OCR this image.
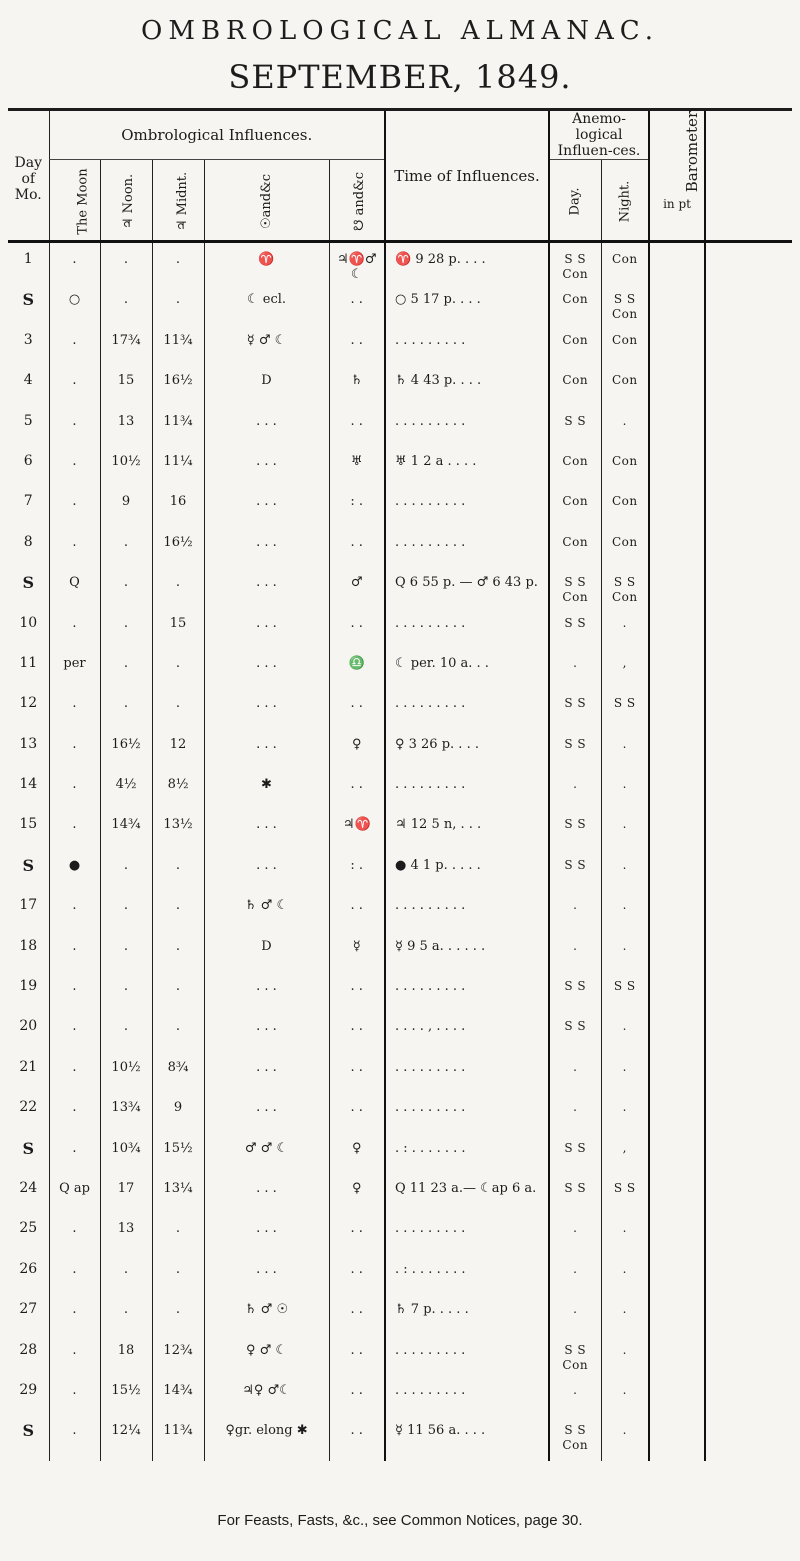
OMBROLOGICAL ALMANAC.
SEPTEMBER, 1849.
Day of Mo.	Ombrological Influences.					Time of Influences.	Anemo-logical Influen-ces.		Barometer.
in pt	

	The Moon	♃ Noon.	♃ Midnt.	☉and&c	☋ and&c		Day.	Night.		

1	.	.	.	♈	♃♈♂ ☾	♈ 9 28 p. . . .	S S Con	Con		
S	○	.	.	☾ ecl.	. .	○ 5 17 p. . . .	Con	S S Con		
3	.	17¾	11¾	☿ ♂ ☾	. .	. . . . . . . . .	Con	Con		
4	.	15	16½	D	♄	♄ 4 43 p. . . .	Con	Con		
5	.	13	11¾	. . .	. .	. . . . . . . . .	S S	.		
6	.	10½	11¼	. . .	♅	♅ 1 2 a . . . .	Con	Con		
7	.	9	16	. . .	: .	. . . . . . . . .	Con	Con		
8	.	.	16½	. . .	. .	. . . . . . . . .	Con	Con		
S	Q	.	.	. . .	♂	Q 6 55 p. — ♂ 6 43 p.	S S Con	S S Con		
10	.	.	15	. . .	. .	. . . . . . . . .	S S	.		
11	per	.	.	. . .	♎	☾ per. 10 a. . .	.	,		
12	.	.	.	. . .	. .	. . . . . . . . .	S S	S S		
13	.	16½	12	. . .	♀	♀ 3 26 p. . . .	S S	.		
14	.	4½	8½	✱	. .	. . . . . . . . .	.	.		
15	.	14¾	13½	. . .	♃♈	♃ 12 5 n, . . .	S S	.		
S	●	.	.	. . .	: .	● 4 1 p. . . . .	S S	.		
17	.	.	.	♄ ♂ ☾	. .	. . . . . . . . .	.	.		
18	.	.	.	D	☿	☿ 9 5 a. . . . . .	.	.		
19	.	.	.	. . .	. .	. . . . . . . . .	S S	S S		
20	.	.	.	. . .	. .	. . . . , . . . .	S S	.		
21	.	10½	8¾	. . .	. .	. . . . . . . . .	.	.		
22	.	13¾	9	. . .	. .	. . . . . . . . .	.	.		
S	.	10¾	15½	♂ ♂ ☾	♀	. : . . . . . . .	S S	,		
24	Q ap	17	13¼	. . .	♀	Q 11 23 a.— ☾ap 6 a.	S S	S S		
25	.	13	.	. . .	. .	. . . . . . . . .	.	.		
26	.	.	.	. . .	. .	. : . . . . . . .	.	.		
27	.	.	.	♄ ♂ ☉	. .	♄ 7 p. . . . .	.	.		
28	.	18	12¾	♀ ♂ ☾	. .	. . . . . . . . .	S S Con	.		
29	.	15½	14¾	♃♀ ♂☾	. .	. . . . . . . . .	.	.		
S	.	12¼	11¾	♀gr. elong ✱	. .	☿ 11 56 a. . . .	S S Con	.		
For Feasts, Fasts, &c., see Common Notices, page 30.
